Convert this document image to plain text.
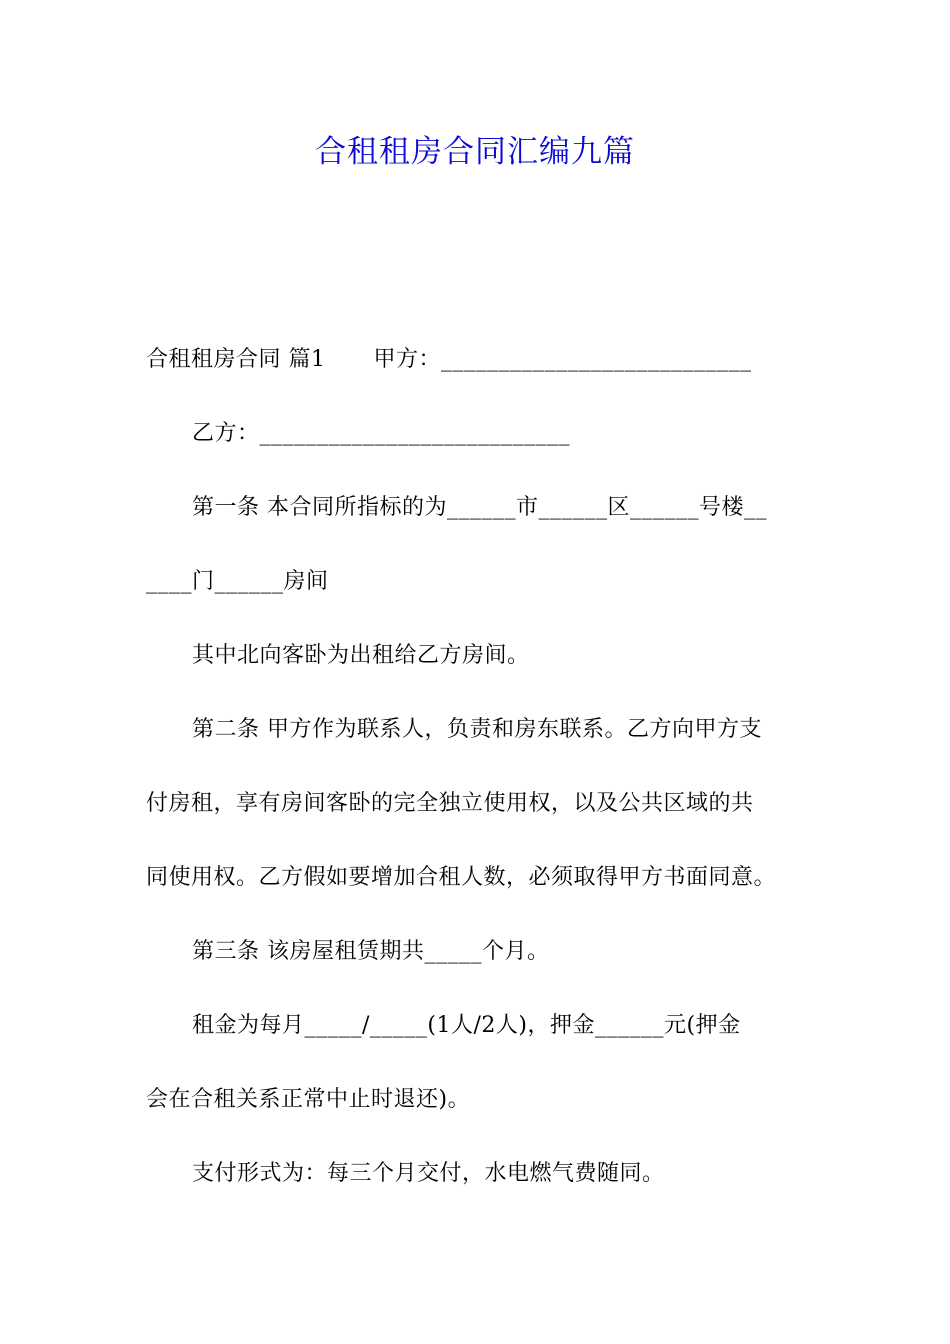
合租租房合同汇编九篇
合租租房合同 篇1 甲方：___________________________
乙方：___________________________
第一条 本合同所指标的为______市______区______号楼__
____门______房间
其中北向客卧为出租给乙方房间。
第二条 甲方作为联系人，负责和房东联系。乙方向甲方支
付房租，享有房间客卧的完全独立使用权，以及公共区域的共
同使用权。乙方假如要增加合租人数，必须取得甲方书面同意。
第三条 该房屋租赁期共_____个月。
租金为每月_____/_____(1人/2人)，押金______元(押金
会在合租关系正常中止时退还)。
支付形式为：每三个月交付，水电燃气费随同。
